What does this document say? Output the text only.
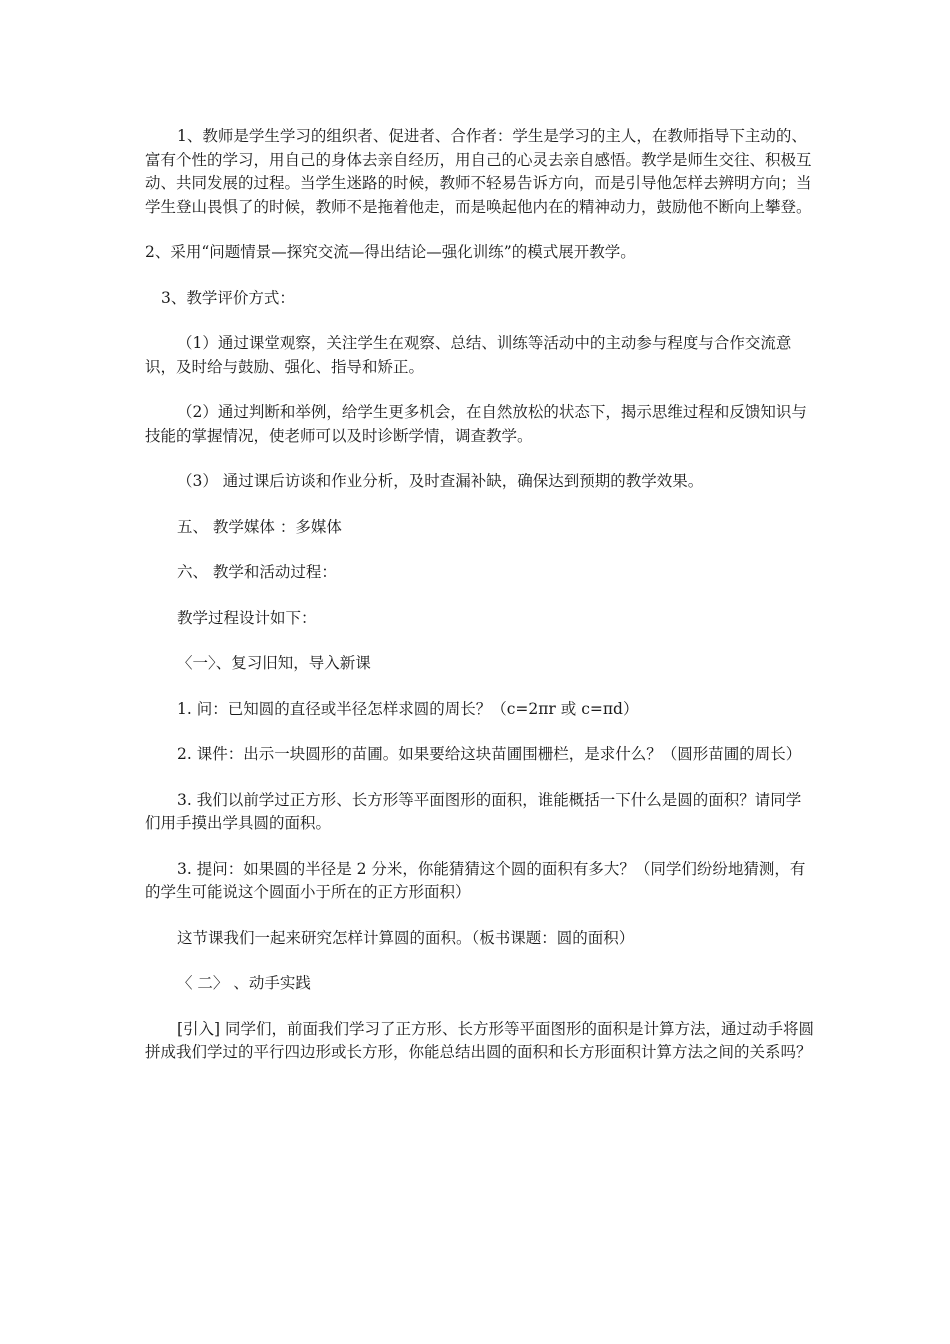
1、教师是学生学习的组织者、促进者、合作者：学生是学习的主人，在教师指导下主动的、富有个性的学习，用自己的身体去亲自经历，用自己的心灵去亲自感悟。教学是师生交往、积极互动、共同发展的过程。当学生迷路的时候，教师不轻易告诉方向，而是引导他怎样去辨明方向；当学生登山畏惧了的时候，教师不是拖着他走，而是唤起他内在的精神动力，鼓励他不断向上攀登。

2、采用“问题情景—探究交流—得出结论—强化训练”的模式展开教学。

3、教学评价方式：

（1）通过课堂观察，关注学生在观察、总结、训练等活动中的主动参与程度与合作交流意识，及时给与鼓励、强化、指导和矫正。

（2）通过判断和举例，给学生更多机会，在自然放松的状态下，揭示思维过程和反馈知识与技能的掌握情况，使老师可以及时诊断学情，调查教学。

（3） 通过课后访谈和作业分析，及时查漏补缺，确保达到预期的教学效果。

五、 教学媒体 ：多媒体

六、 教学和活动过程：

教学过程设计如下：

〈一〉、复习旧知，导入新课

1. 问：已知圆的直径或半径怎样求圆的周长？（c=2πr 或 c=πd）

2. 课件：出示一块圆形的苗圃。如果要给这块苗圃围栅栏，是求什么？（圆形苗圃的周长）

3. 我们以前学过正方形、长方形等平面图形的面积，谁能概括一下什么是圆的面积？请同学们用手摸出学具圆的面积。

3. 提问：如果圆的半径是 2 分米，你能猜猜这个圆的面积有多大？（同学们纷纷地猜测，有的学生可能说这个圆面小于所在的正方形面积）

这节课我们一起来研究怎样计算圆的面积。（板书课题：圆的面积）

〈 二〉 、动手实践

[引入] 同学们，前面我们学习了正方形、长方形等平面图形的面积是计算方法，通过动手将圆拼成我们学过的平行四边形或长方形，你能总结出圆的面积和长方形面积计算方法之间的关系吗？
